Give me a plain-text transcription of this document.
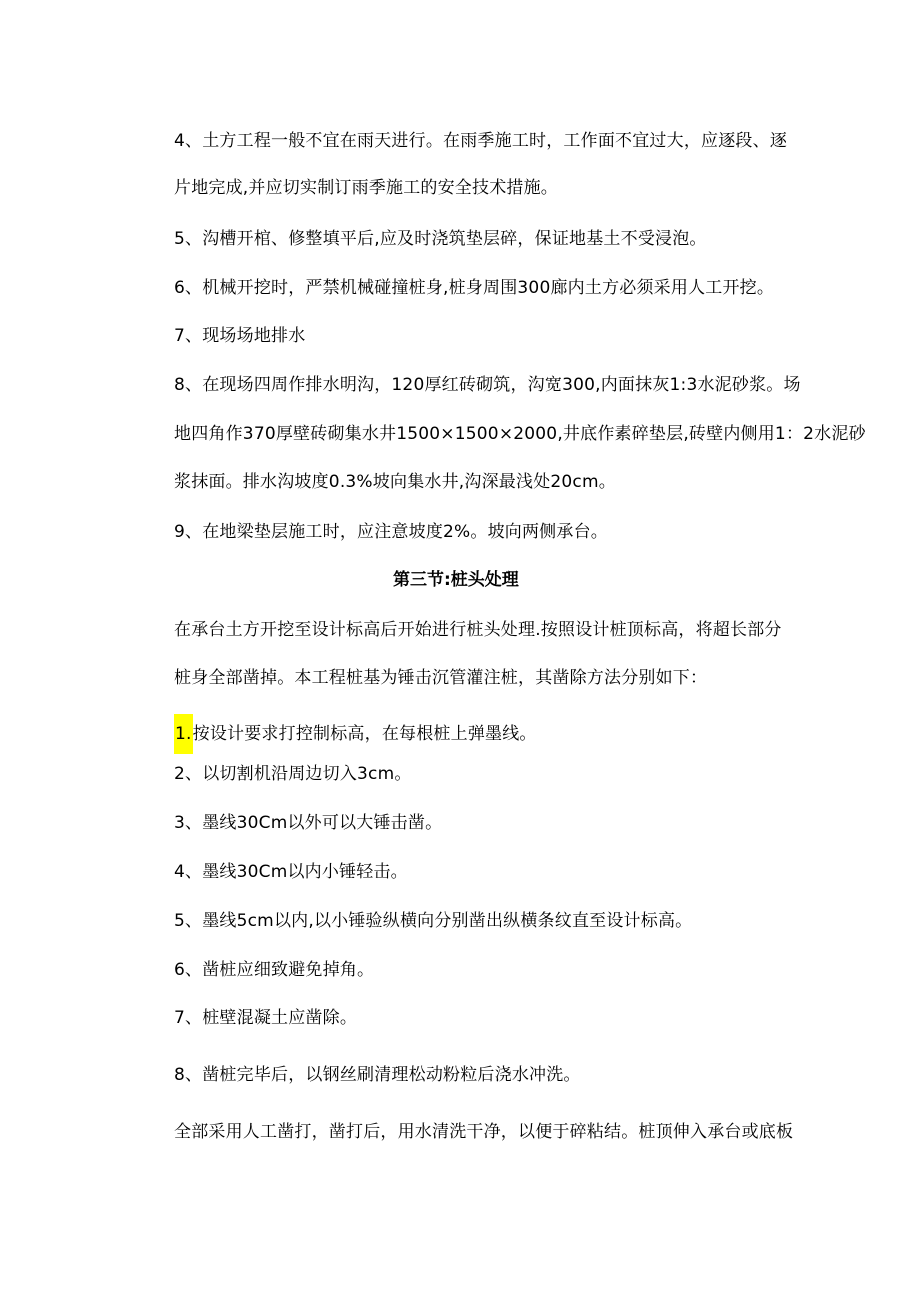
4、土方工程一般不宜在雨天进行。在雨季施工时，工作面不宜过大，应逐段、逐

片地完成,并应切实制订雨季施工的安全技术措施。

5、沟槽开棺、修整填平后,应及时浇筑垫层碎，保证地基土不受浸泡。

6、机械开挖时，严禁机械碰撞桩身,桩身周围300廊内土方必须采用人工开挖。

7、现场场地排水

8、在现场四周作排水明沟，120厚红砖砌筑，沟宽300,内面抹灰1:3水泥砂浆。场

地四角作370厚壁砖砌集水井1500×1500×2000,井底作素碎垫层,砖壁内侧用1：2水泥砂

浆抹面。排水沟坡度0.3%坡向集水井,沟深最浅处20cm。

9、在地梁垫层施工时，应注意坡度2%。坡向两侧承台。

第三节:桩头处理

在承台土方开挖至设计标高后开始进行桩头处理.按照设计桩顶标高，将超长部分

桩身全部凿掉。本工程桩基为锤击沉管灌注桩，其凿除方法分别如下：

1.按设计要求打控制标高，在每根桩上弹墨线。

2、以切割机沿周边切入3cm。

3、墨线30Cm以外可以大锤击凿。

4、墨线30Cm以内小锤轻击。

5、墨线5cm以内,以小锤验纵横向分别凿出纵横条纹直至设计标高。

6、凿桩应细致避免掉角。

7、桩壁混凝土应凿除。

8、凿桩完毕后，以钢丝刷清理松动粉粒后浇水冲洗。

全部采用人工凿打，凿打后，用水清洗干净，以便于碎粘结。桩顶伸入承台或底板
